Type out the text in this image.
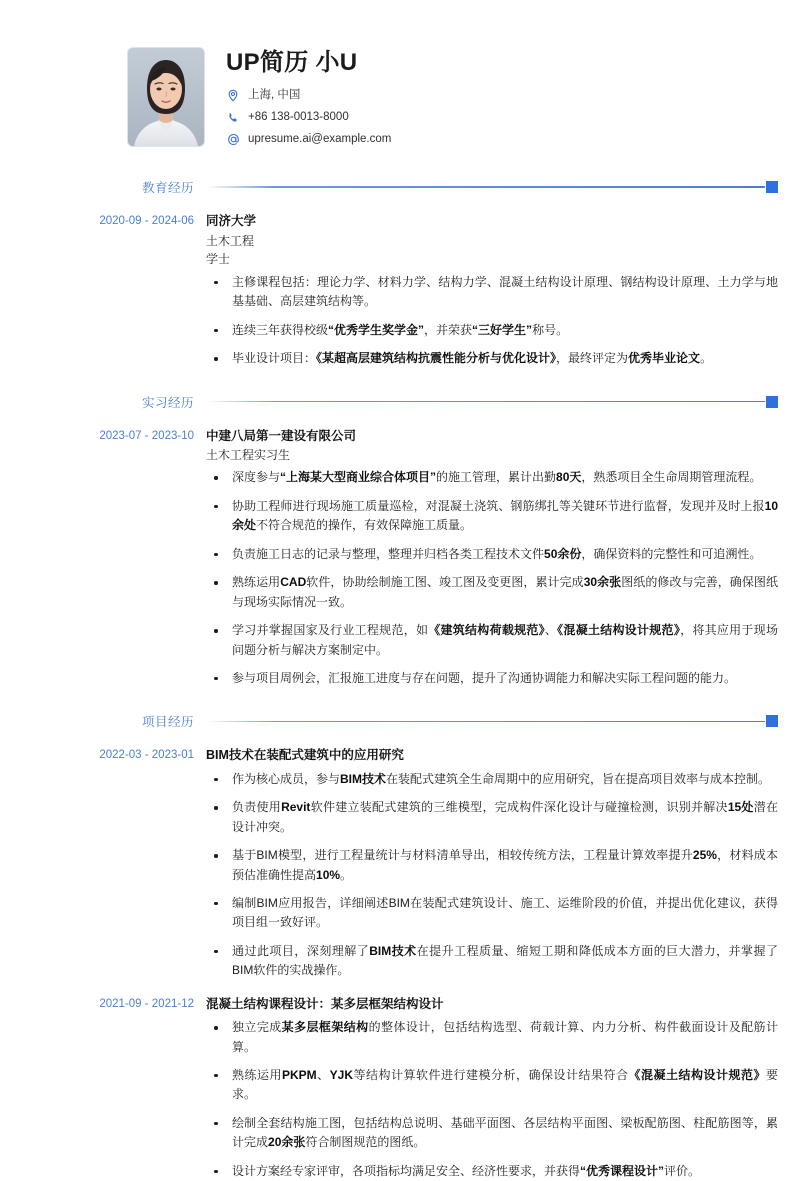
UP简历 小U
上海, 中国
+86 138-0013-8000
upresume.ai@example.com
教育经历
2020-09 - 2024-06 同济大学
土木工程
学士
主修课程包括：理论力学、材料力学、结构力学、混凝土结构设计原理、钢结构设计原理、土力学与地基基础、高层建筑结构等。
连续三年获得校级“优秀学生奖学金”，并荣获“三好学生”称号。
毕业设计项目：《某超高层建筑结构抗震性能分析与优化设计》，最终评定为优秀毕业论文。
实习经历
2023-07 - 2023-10 中建八局第一建设有限公司
土木工程实习生
深度参与“上海某大型商业综合体项目”的施工管理，累计出勤80天，熟悉项目全生命周期管理流程。
协助工程师进行现场施工质量巡检，对混凝土浇筑、钢筋绑扎等关键环节进行监督，发现并及时上报10余处不符合规范的操作，有效保障施工质量。
负责施工日志的记录与整理，整理并归档各类工程技术文件50余份，确保资料的完整性和可追溯性。
熟练运用CAD软件，协助绘制施工图、竣工图及变更图，累计完成30余张图纸的修改与完善，确保图纸与现场实际情况一致。
学习并掌握国家及行业工程规范，如《建筑结构荷载规范》、《混凝土结构设计规范》，将其应用于现场问题分析与解决方案制定中。
参与项目周例会，汇报施工进度与存在问题，提升了沟通协调能力和解决实际工程问题的能力。
项目经历
2022-03 - 2023-01 BIM技术在装配式建筑中的应用研究
作为核心成员，参与BIM技术在装配式建筑全生命周期中的应用研究，旨在提高项目效率与成本控制。
负责使用Revit软件建立装配式建筑的三维模型，完成构件深化设计与碰撞检测，识别并解决15处潜在设计冲突。
基于BIM模型，进行工程量统计与材料清单导出，相较传统方法，工程量计算效率提升25%，材料成本预估准确性提高10%。
编制BIM应用报告，详细阐述BIM在装配式建筑设计、施工、运维阶段的价值，并提出优化建议，获得项目组一致好评。
通过此项目，深刻理解了BIM技术在提升工程质量、缩短工期和降低成本方面的巨大潜力，并掌握了BIM软件的实战操作。
2021-09 - 2021-12 混凝土结构课程设计：某多层框架结构设计
独立完成某多层框架结构的整体设计，包括结构选型、荷载计算、内力分析、构件截面设计及配筋计算。
熟练运用PKPM、YJK等结构计算软件进行建模分析，确保设计结果符合《混凝土结构设计规范》要求。
绘制全套结构施工图，包括结构总说明、基础平面图、各层结构平面图、梁板配筋图、柱配筋图等，累计完成20余张符合制图规范的图纸。
设计方案经专家评审，各项指标均满足安全、经济性要求，并获得“优秀课程设计”评价。
